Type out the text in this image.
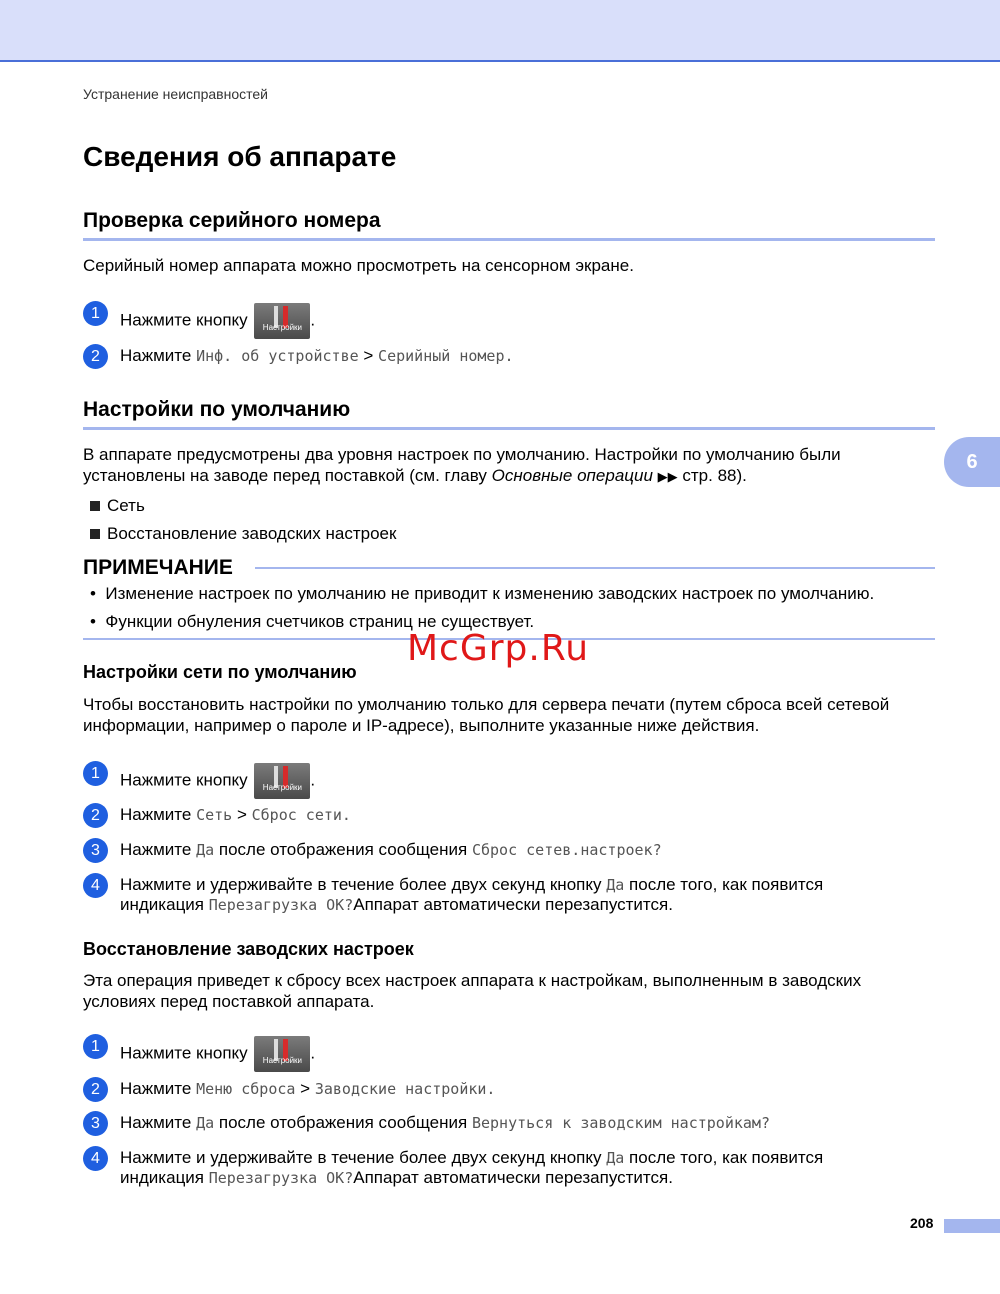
Устранение неисправностей
Сведения об аппарате
Проверка серийного номера
Серийный номер аппарата можно просмотреть на сенсорном экране.
1	Нажмите кнопку	Настройки .
2	Нажмите Инф. об устройстве > Серийный номер.
Настройки по умолчанию
В аппарате предусмотрены два уровня настроек по умолчанию. Настройки по умолчанию были
установлены на заводе перед поставкой (см. главу Основные операции ▶▶ стр. 88).
Сеть
Восстановление заводских настроек
ПРИМЕЧАНИЕ
• Изменение настроек по умолчанию не приводит к изменению заводских настроек по умолчанию.
• Функции обнуления счетчиков страниц не существует.
McGrp.Ru
Настройки сети по умолчанию
Чтобы восстановить настройки по умолчанию только для сервера печати (путем сброса всей сетевой
информации, например о пароле и IP-адресе), выполните указанные ниже действия.
1	Нажмите кнопку	Настройки .
2	Нажмите Сеть > Сброс сети.
3	Нажмите Да после отображения сообщения Сброс сетев.настроек?
4	Нажмите и удерживайте в течение более двух секунд кнопку Да после того, как появится
индикация Перезагрузка ОК?Аппарат автоматически перезапустится.
Восстановление заводских настроек
Эта операция приведет к сбросу всех настроек аппарата к настройкам, выполненным в заводских
условиях перед поставкой аппарата.
1	Нажмите кнопку	Настройки .
2	Нажмите Меню сброса > Заводские настройки.
3	Нажмите Да после отображения сообщения Вернуться к заводским настройкам?
4	Нажмите и удерживайте в течение более двух секунд кнопку Да после того, как появится
индикация Перезагрузка ОК?Аппарат автоматически перезапустится.
6
208
